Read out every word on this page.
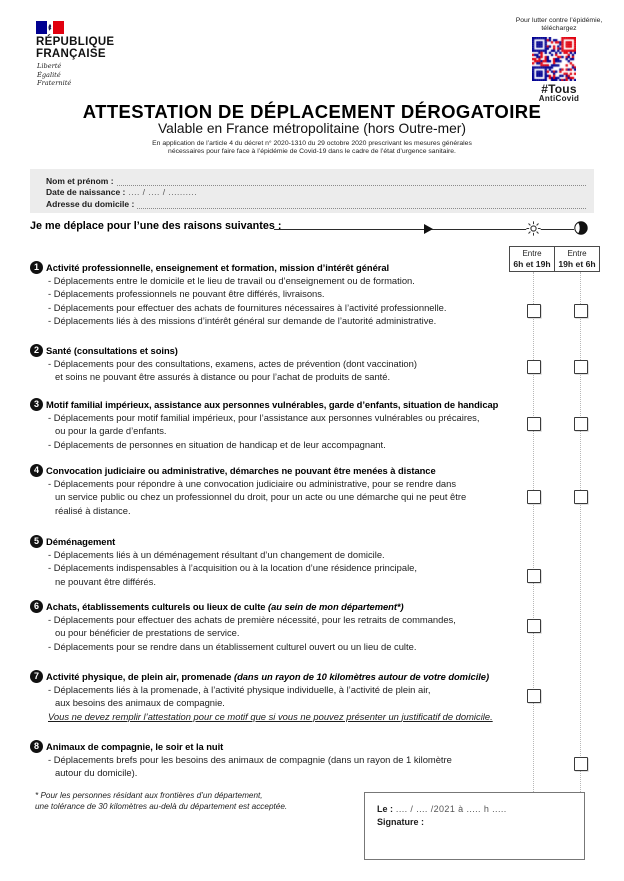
RÉPUBLIQUE
FRANÇAISE
Liberté
Égalité
Fraternité
Pour lutter contre l’épidémie,
téléchargez
#Tous
AntiCovid
ATTESTATION DE DÉPLACEMENT DÉROGATOIRE
Valable en France métropolitaine (hors Outre-mer)
En application de l’article 4 du décret n° 2020-1310 du 29 octobre 2020 prescrivant les mesures générales
nécessaires pour faire face à l’épidémie de Covid-19 dans le cadre de l’état d’urgence sanitaire.
Nom et prénom :
Date de naissance : .... / .... / ..........
Adresse du domicile :
Je me déplace pour l’une des raisons suivantes :
Entre
6h et 19h
Entre
19h et 6h
1 Activité professionnelle, enseignement et formation, mission d’intérêt général
- Déplacements entre le domicile et le lieu de travail ou d’enseignement ou de formation.
- Déplacements professionnels ne pouvant être différés, livraisons.
- Déplacements pour effectuer des achats de fournitures nécessaires à l’activité professionnelle.
- Déplacements liés à des missions d’intérêt général sur demande de l’autorité administrative.
2 Santé (consultations et soins)
- Déplacements pour des consultations, examens, actes de prévention (dont vaccination)
et soins ne pouvant être assurés à distance ou pour l’achat de produits de santé.
3 Motif familial impérieux, assistance aux personnes vulnérables, garde d’enfants, situation de handicap
- Déplacements pour motif familial impérieux, pour l’assistance aux personnes vulnérables ou précaires,
ou pour la garde d’enfants.
- Déplacements de personnes en situation de handicap et de leur accompagnant.
4 Convocation judiciaire ou administrative, démarches ne pouvant être menées à distance
- Déplacements pour répondre à une convocation judiciaire ou administrative, pour se rendre dans
un service public ou chez un professionnel du droit, pour un acte ou une démarche qui ne peut être
réalisé à distance.
5 Déménagement
- Déplacements liés à un déménagement résultant d’un changement de domicile.
- Déplacements indispensables à l’acquisition ou à la location d’une résidence principale,
ne pouvant être différés.
6 Achats, établissements culturels ou lieux de culte (au sein de mon département*)
- Déplacements pour effectuer des achats de première nécessité, pour les retraits de commandes,
ou pour bénéficier de prestations de service.
- Déplacements pour se rendre dans un établissement culturel ouvert ou un lieu de culte.
7 Activité physique, de plein air, promenade (dans un rayon de 10 kilomètres autour de votre domicile)
- Déplacements liés à la promenade, à l’activité physique individuelle, à l’activité de plein air,
aux besoins des animaux de compagnie.
Vous ne devez remplir l’attestation pour ce motif que si vous ne pouvez présenter un justificatif de domicile.
8 Animaux de compagnie, le soir et la nuit
- Déplacements brefs pour les besoins des animaux de compagnie (dans un rayon de 1 kilomètre
autour du domicile).
* Pour les personnes résidant aux frontières d’un département,
une tolérance de 30 kilomètres au-delà du département est acceptée.	Le : .... / .... /2021 à ..... h .....
Signature :
